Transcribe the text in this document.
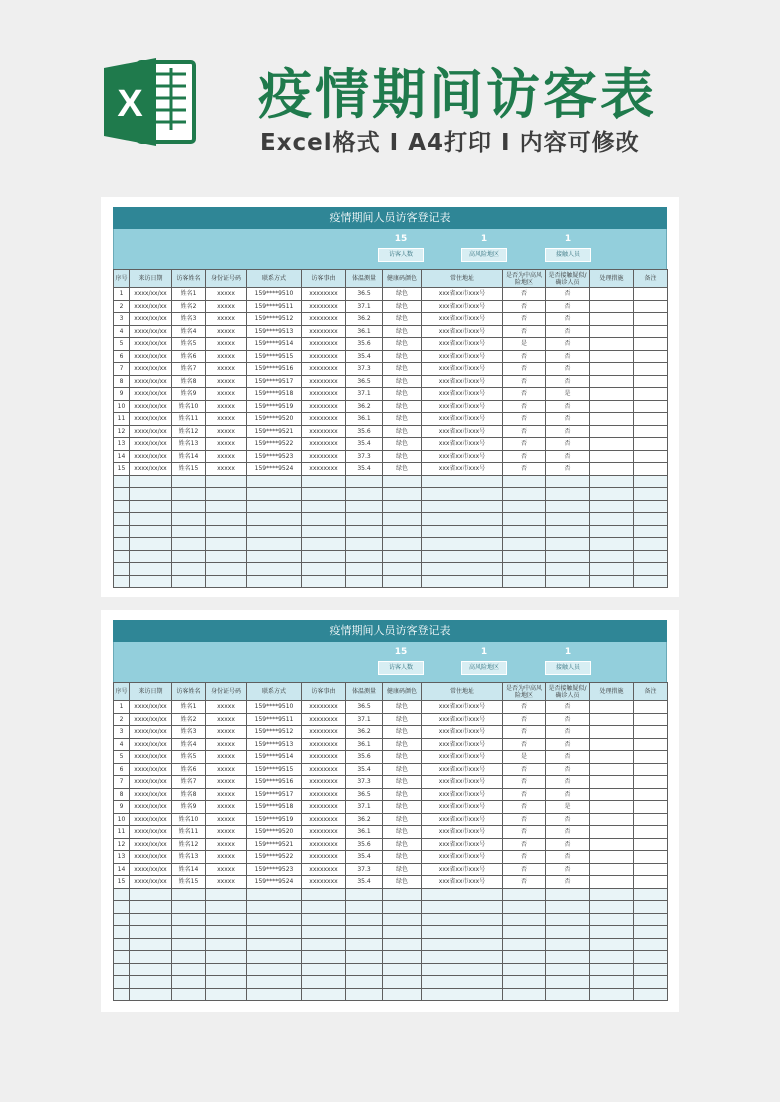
X 疫情期间访客表
Excel格式 I A4打印 I 内容可修改
疫情期间人员访客登记表
15
访客人数
1
高风险地区
1
接触人员
序号	来访日期	访客姓名	身份证号码	联系方式	访客事由	体温测量	健康码颜色	常住地址	是否为中高风险地区	是否接触疑似/确诊人员	处理措施	备注
1	xxxx/xx/xx	姓名1	xxxxx	159****9510	xxxxxxxx	36.5	绿色	xxx省xx市xxx号	否	否		
2	xxxx/xx/xx	姓名2	xxxxx	159****9511	xxxxxxxx	37.1	绿色	xxx省xx市xxx号	否	否		
3	xxxx/xx/xx	姓名3	xxxxx	159****9512	xxxxxxxx	36.2	绿色	xxx省xx市xxx号	否	否		
4	xxxx/xx/xx	姓名4	xxxxx	159****9513	xxxxxxxx	36.1	绿色	xxx省xx市xxx号	否	否		
5	xxxx/xx/xx	姓名5	xxxxx	159****9514	xxxxxxxx	35.6	绿色	xxx省xx市xxx号	是	否		
6	xxxx/xx/xx	姓名6	xxxxx	159****9515	xxxxxxxx	35.4	绿色	xxx省xx市xxx号	否	否		
7	xxxx/xx/xx	姓名7	xxxxx	159****9516	xxxxxxxx	37.3	绿色	xxx省xx市xxx号	否	否		
8	xxxx/xx/xx	姓名8	xxxxx	159****9517	xxxxxxxx	36.5	绿色	xxx省xx市xxx号	否	否		
9	xxxx/xx/xx	姓名9	xxxxx	159****9518	xxxxxxxx	37.1	绿色	xxx省xx市xxx号	否	是		
10	xxxx/xx/xx	姓名10	xxxxx	159****9519	xxxxxxxx	36.2	绿色	xxx省xx市xxx号	否	否		
11	xxxx/xx/xx	姓名11	xxxxx	159****9520	xxxxxxxx	36.1	绿色	xxx省xx市xxx号	否	否		
12	xxxx/xx/xx	姓名12	xxxxx	159****9521	xxxxxxxx	35.6	绿色	xxx省xx市xxx号	否	否		
13	xxxx/xx/xx	姓名13	xxxxx	159****9522	xxxxxxxx	35.4	绿色	xxx省xx市xxx号	否	否		
14	xxxx/xx/xx	姓名14	xxxxx	159****9523	xxxxxxxx	37.3	绿色	xxx省xx市xxx号	否	否		
15	xxxx/xx/xx	姓名15	xxxxx	159****9524	xxxxxxxx	35.4	绿色	xxx省xx市xxx号	否	否		

疫情期间人员访客登记表
15
访客人数
1
高风险地区
1
接触人员
序号	来访日期	访客姓名	身份证号码	联系方式	访客事由	体温测量	健康码颜色	常住地址	是否为中高风险地区	是否接触疑似/确诊人员	处理措施	备注
1	xxxx/xx/xx	姓名1	xxxxx	159****9510	xxxxxxxx	36.5	绿色	xxx省xx市xxx号	否	否		
2	xxxx/xx/xx	姓名2	xxxxx	159****9511	xxxxxxxx	37.1	绿色	xxx省xx市xxx号	否	否		
3	xxxx/xx/xx	姓名3	xxxxx	159****9512	xxxxxxxx	36.2	绿色	xxx省xx市xxx号	否	否		
4	xxxx/xx/xx	姓名4	xxxxx	159****9513	xxxxxxxx	36.1	绿色	xxx省xx市xxx号	否	否		
5	xxxx/xx/xx	姓名5	xxxxx	159****9514	xxxxxxxx	35.6	绿色	xxx省xx市xxx号	是	否		
6	xxxx/xx/xx	姓名6	xxxxx	159****9515	xxxxxxxx	35.4	绿色	xxx省xx市xxx号	否	否		
7	xxxx/xx/xx	姓名7	xxxxx	159****9516	xxxxxxxx	37.3	绿色	xxx省xx市xxx号	否	否		
8	xxxx/xx/xx	姓名8	xxxxx	159****9517	xxxxxxxx	36.5	绿色	xxx省xx市xxx号	否	否		
9	xxxx/xx/xx	姓名9	xxxxx	159****9518	xxxxxxxx	37.1	绿色	xxx省xx市xxx号	否	是		
10	xxxx/xx/xx	姓名10	xxxxx	159****9519	xxxxxxxx	36.2	绿色	xxx省xx市xxx号	否	否		
11	xxxx/xx/xx	姓名11	xxxxx	159****9520	xxxxxxxx	36.1	绿色	xxx省xx市xxx号	否	否		
12	xxxx/xx/xx	姓名12	xxxxx	159****9521	xxxxxxxx	35.6	绿色	xxx省xx市xxx号	否	否		
13	xxxx/xx/xx	姓名13	xxxxx	159****9522	xxxxxxxx	35.4	绿色	xxx省xx市xxx号	否	否		
14	xxxx/xx/xx	姓名14	xxxxx	159****9523	xxxxxxxx	37.3	绿色	xxx省xx市xxx号	否	否		
15	xxxx/xx/xx	姓名15	xxxxx	159****9524	xxxxxxxx	35.4	绿色	xxx省xx市xxx号	否	否		
